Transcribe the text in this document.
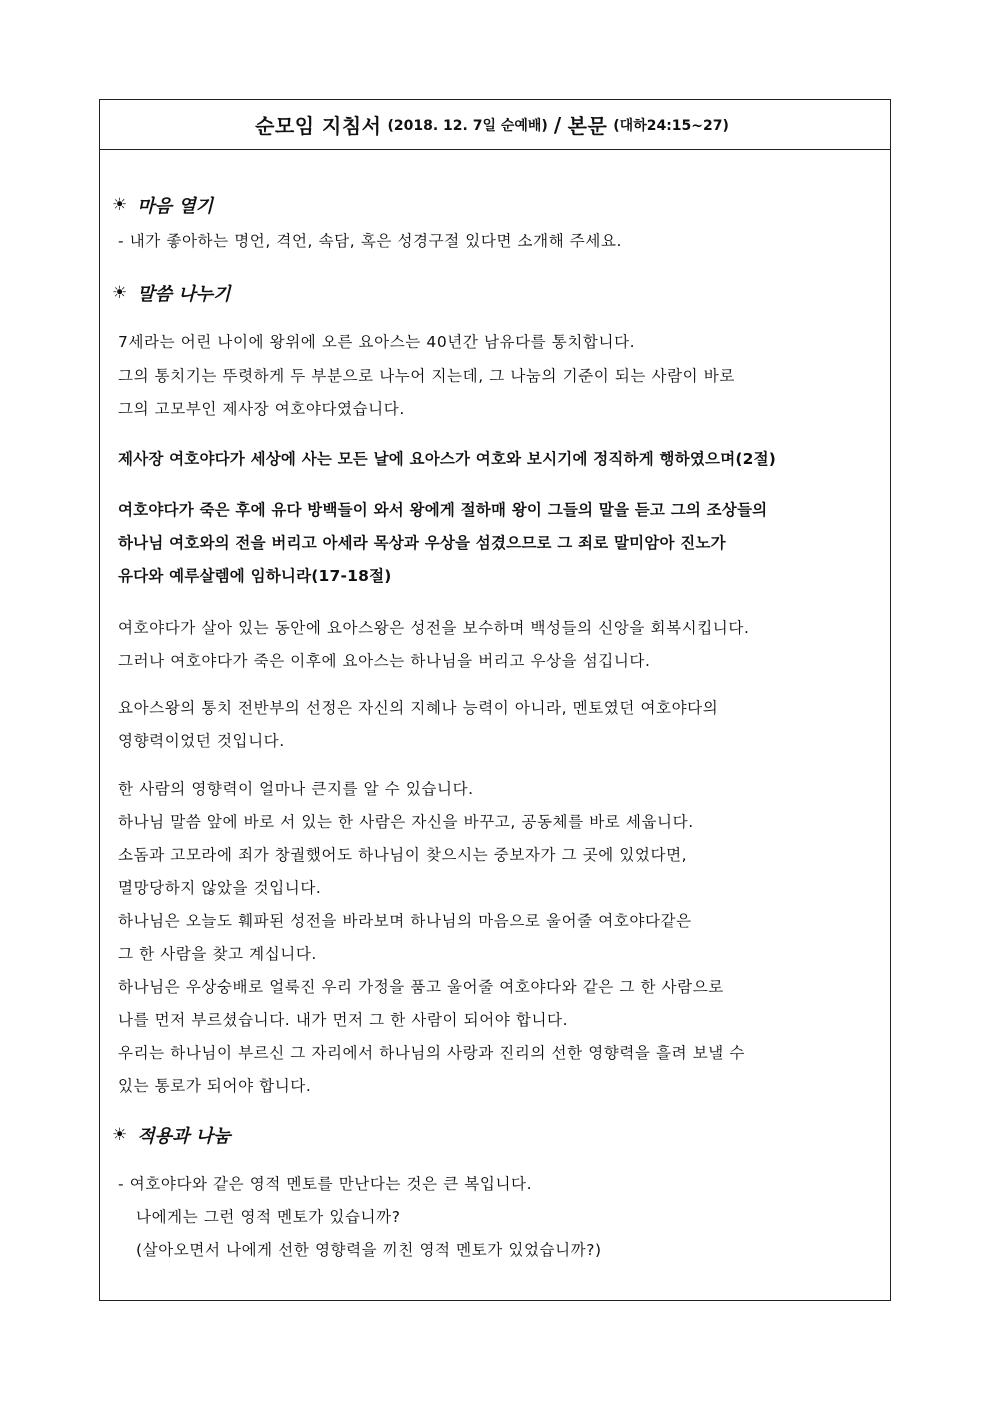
순모임 지침서 (2018. 12. 7일 순예배) / 본문 (대하24:15~27)
☀ 마음 열기
- 내가 좋아하는 명언, 격언, 속담, 혹은 성경구절 있다면 소개해 주세요.
☀ 말씀 나누기
7세라는 어린 나이에 왕위에 오른 요아스는 40년간 남유다를 통치합니다.
그의 통치기는 뚜렷하게 두 부분으로 나누어 지는데, 그 나눔의 기준이 되는 사람이 바로
그의 고모부인 제사장 여호야다였습니다.
제사장 여호야다가 세상에 사는 모든 날에 요아스가 여호와 보시기에 정직하게 행하였으며(2절)
여호야다가 죽은 후에 유다 방백들이 와서 왕에게 절하매 왕이 그들의 말을 듣고 그의 조상들의
하나님 여호와의 전을 버리고 아세라 목상과 우상을 섬겼으므로 그 죄로 말미암아 진노가
유다와 예루살렘에 임하니라(17-18절)
여호야다가 살아 있는 동안에 요아스왕은 성전을 보수하며 백성들의 신앙을 회복시킵니다.
그러나 여호야다가 죽은 이후에 요아스는 하나님을 버리고 우상을 섬깁니다.
요아스왕의 통치 전반부의 선정은 자신의 지혜나 능력이 아니라, 멘토였던 여호야다의
영향력이었던 것입니다.
한 사람의 영향력이 얼마나 큰지를 알 수 있습니다.
하나님 말씀 앞에 바로 서 있는 한 사람은 자신을 바꾸고, 공동체를 바로 세웁니다.
소돔과 고모라에 죄가 창궐했어도 하나님이 찾으시는 중보자가 그 곳에 있었다면,
멸망당하지 않았을 것입니다.
하나님은 오늘도 훼파된 성전을 바라보며 하나님의 마음으로 울어줄 여호야다같은
그 한 사람을 찾고 계십니다.
하나님은 우상숭배로 얼룩진 우리 가정을 품고 울어줄 여호야다와 같은 그 한 사람으로
나를 먼저 부르셨습니다. 내가 먼저 그 한 사람이 되어야 합니다.
우리는 하나님이 부르신 그 자리에서 하나님의 사랑과 진리의 선한 영향력을 흘려 보낼 수
있는 통로가 되어야 합니다.
☀ 적용과 나눔
- 여호야다와 같은 영적 멘토를 만난다는 것은 큰 복입니다.
나에게는 그런 영적 멘토가 있습니까?
(살아오면서 나에게 선한 영향력을 끼친 영적 멘토가 있었습니까?)
